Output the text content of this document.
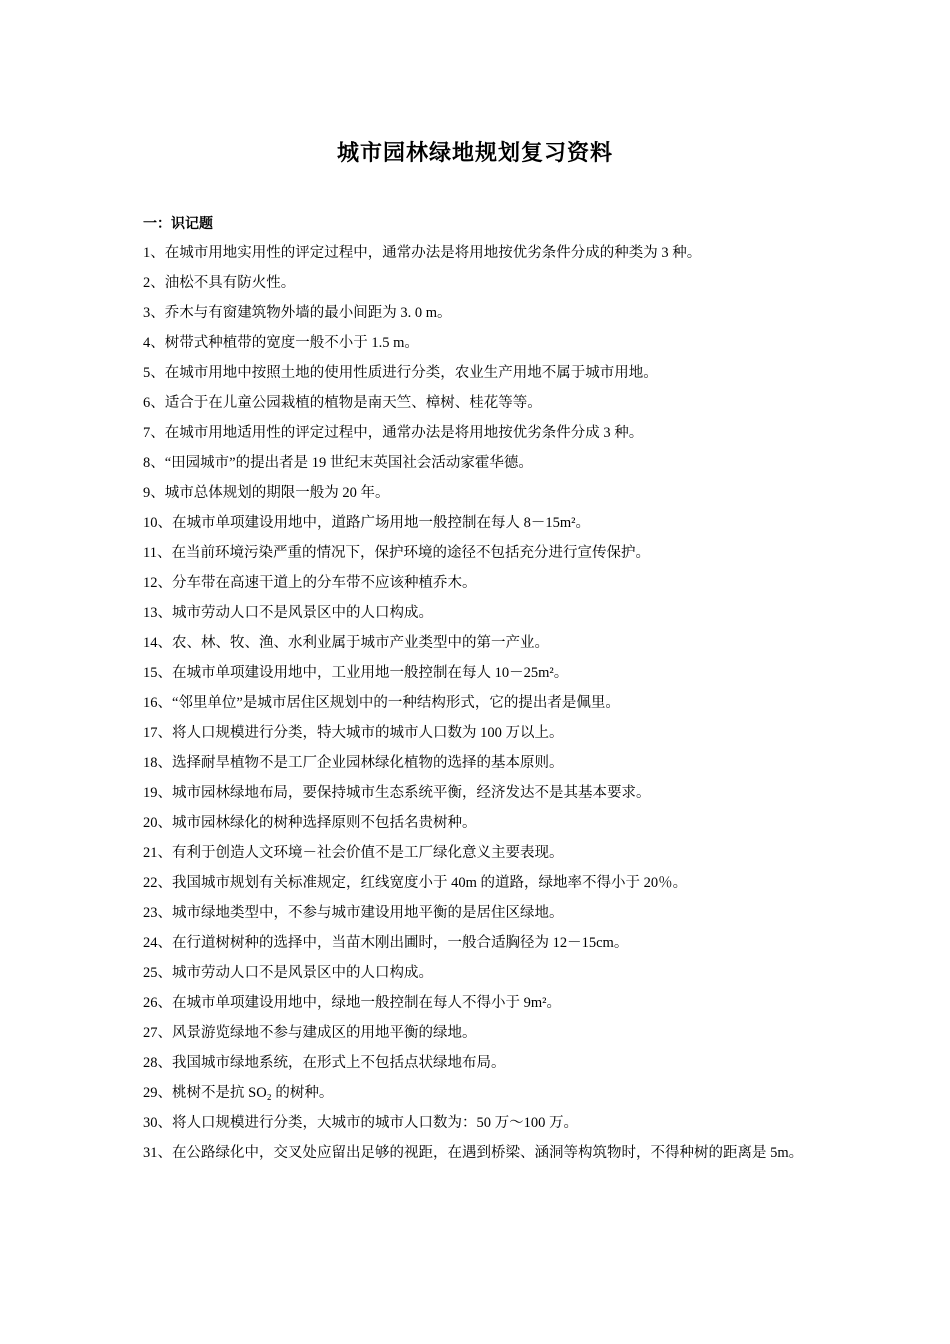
城市园林绿地规划复习资料

一：识记题

1、在城市用地实用性的评定过程中，通常办法是将用地按优劣条件分成的种类为 3 种。
2、油松不具有防火性。
3、乔木与有窗建筑物外墙的最小间距为 3. 0 m。
4、树带式种植带的宽度一般不小于 1.5 m。
5、在城市用地中按照土地的使用性质进行分类，农业生产用地不属于城市用地。
6、适合于在儿童公园栽植的植物是南天竺、樟树、桂花等等。
7、在城市用地适用性的评定过程中，通常办法是将用地按优劣条件分成 3 种。
8、“田园城市”的提出者是 19 世纪末英国社会活动家霍华德。
9、城市总体规划的期限一般为 20 年。
10、在城市单项建设用地中，道路广场用地一般控制在每人 8－15m²。
11、在当前环境污染严重的情况下，保护环境的途径不包括充分进行宣传保护。
12、分车带在高速干道上的分车带不应该种植乔木。
13、城市劳动人口不是风景区中的人口构成。
14、农、林、牧、渔、水利业属于城市产业类型中的第一产业。
15、在城市单项建设用地中，工业用地一般控制在每人 10－25m²。
16、“邻里单位”是城市居住区规划中的一种结构形式，它的提出者是佩里。
17、将人口规模进行分类，特大城市的城市人口数为 100 万以上。
18、选择耐旱植物不是工厂企业园林绿化植物的选择的基本原则。
19、城市园林绿地布局，要保持城市生态系统平衡，经济发达不是其基本要求。
20、城市园林绿化的树种选择原则不包括名贵树种。
21、有利于创造人文环境－社会价值不是工厂绿化意义主要表现。
22、我国城市规划有关标准规定，红线宽度小于 40m 的道路，绿地率不得小于 20％。
23、城市绿地类型中，不参与城市建设用地平衡的是居住区绿地。
24、在行道树树种的选择中，当苗木刚出圃时，一般合适胸径为 12－15cm。
25、城市劳动人口不是风景区中的人口构成。
26、在城市单项建设用地中，绿地一般控制在每人不得小于 9m²。
27、风景游览绿地不参与建成区的用地平衡的绿地。
28、我国城市绿地系统，在形式上不包括点状绿地布局。
29、桃树不是抗 SO₂ 的树种。
30、将人口规模进行分类，大城市的城市人口数为：50 万～100 万。
31、在公路绿化中，交叉处应留出足够的视距，在遇到桥梁、涵洞等构筑物时，不得种树的距离是 5m。
